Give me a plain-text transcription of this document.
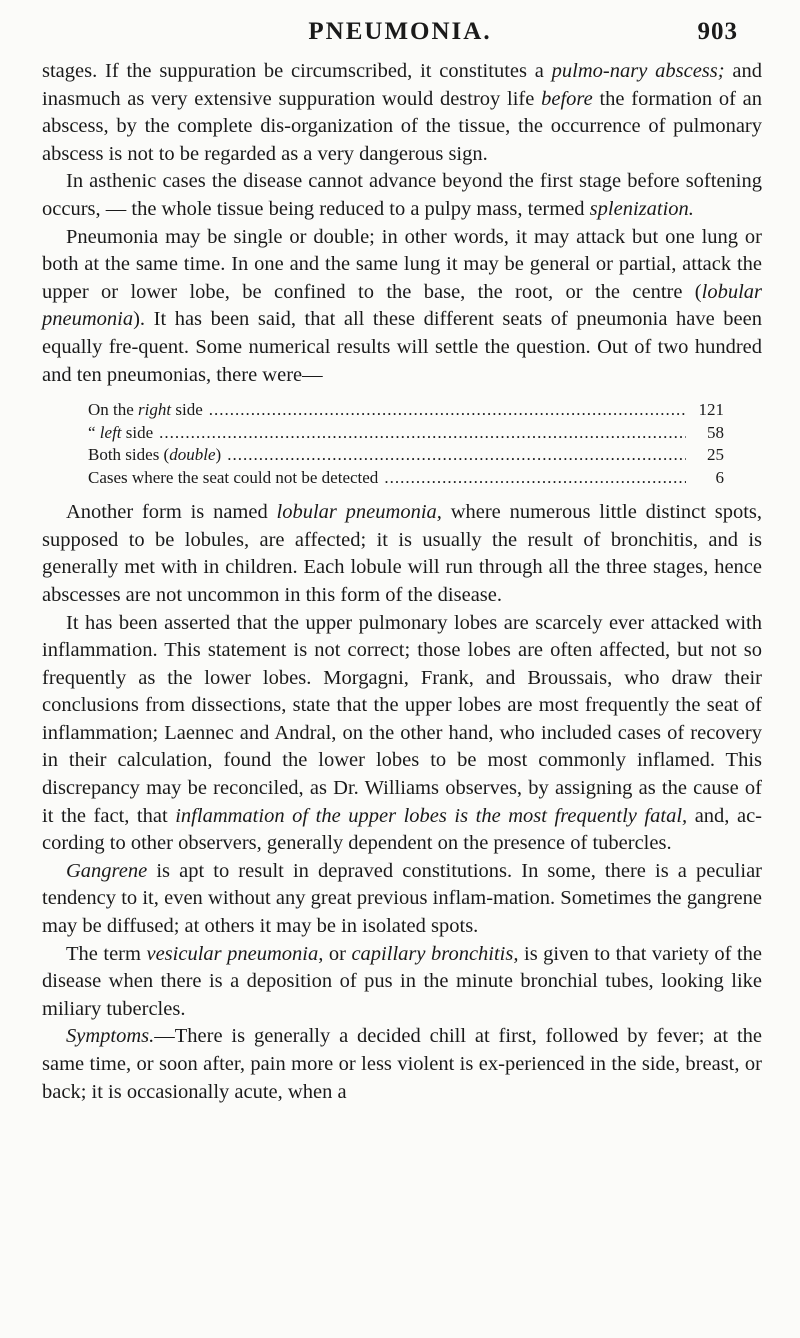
PNEUMONIA.	903

stages. If the suppuration be circumscribed, it constitutes a pulmo-nary abscess; and inasmuch as very extensive suppuration would destroy life before the formation of an abscess, by the complete dis-organization of the tissue, the occurrence of pulmonary abscess is not to be regarded as a very dangerous sign.

In asthenic cases the disease cannot advance beyond the first stage before softening occurs, — the whole tissue being reduced to a pulpy mass, termed splenization.

Pneumonia may be single or double; in other words, it may attack but one lung or both at the same time. In one and the same lung it may be general or partial, attack the upper or lower lobe, be confined to the base, the root, or the centre (lobular pneumonia). It has been said, that all these different seats of pneumonia have been equally fre-quent. Some numerical results will settle the question. Out of two hundred and ten pneumonias, there were—

On the right side .....	121
“ left side .....	58
Both sides (double) .....	25
Cases where the seat could not be detected .....	6

Another form is named lobular pneumonia, where numerous little distinct spots, supposed to be lobules, are affected; it is usually the result of bronchitis, and is generally met with in children. Each lobule will run through all the three stages, hence abscesses are not uncommon in this form of the disease.

It has been asserted that the upper pulmonary lobes are scarcely ever attacked with inflammation. This statement is not correct; those lobes are often affected, but not so frequently as the lower lobes. Morgagni, Frank, and Broussais, who draw their conclusions from dissections, state that the upper lobes are most frequently the seat of inflammation; Laennec and Andral, on the other hand, who included cases of recovery in their calculation, found the lower lobes to be most commonly inflamed. This discrepancy may be reconciled, as Dr. Williams observes, by assigning as the cause of it the fact, that inflammation of the upper lobes is the most frequently fatal, and, ac-cording to other observers, generally dependent on the presence of tubercles.

Gangrene is apt to result in depraved constitutions. In some, there is a peculiar tendency to it, even without any great previous inflam-mation. Sometimes the gangrene may be diffused; at others it may be in isolated spots.

The term vesicular pneumonia, or capillary bronchitis, is given to that variety of the disease when there is a deposition of pus in the minute bronchial tubes, looking like miliary tubercles.

Symptoms.—There is generally a decided chill at first, followed by fever; at the same time, or soon after, pain more or less violent is ex-perienced in the side, breast, or back; it is occasionally acute, when a
